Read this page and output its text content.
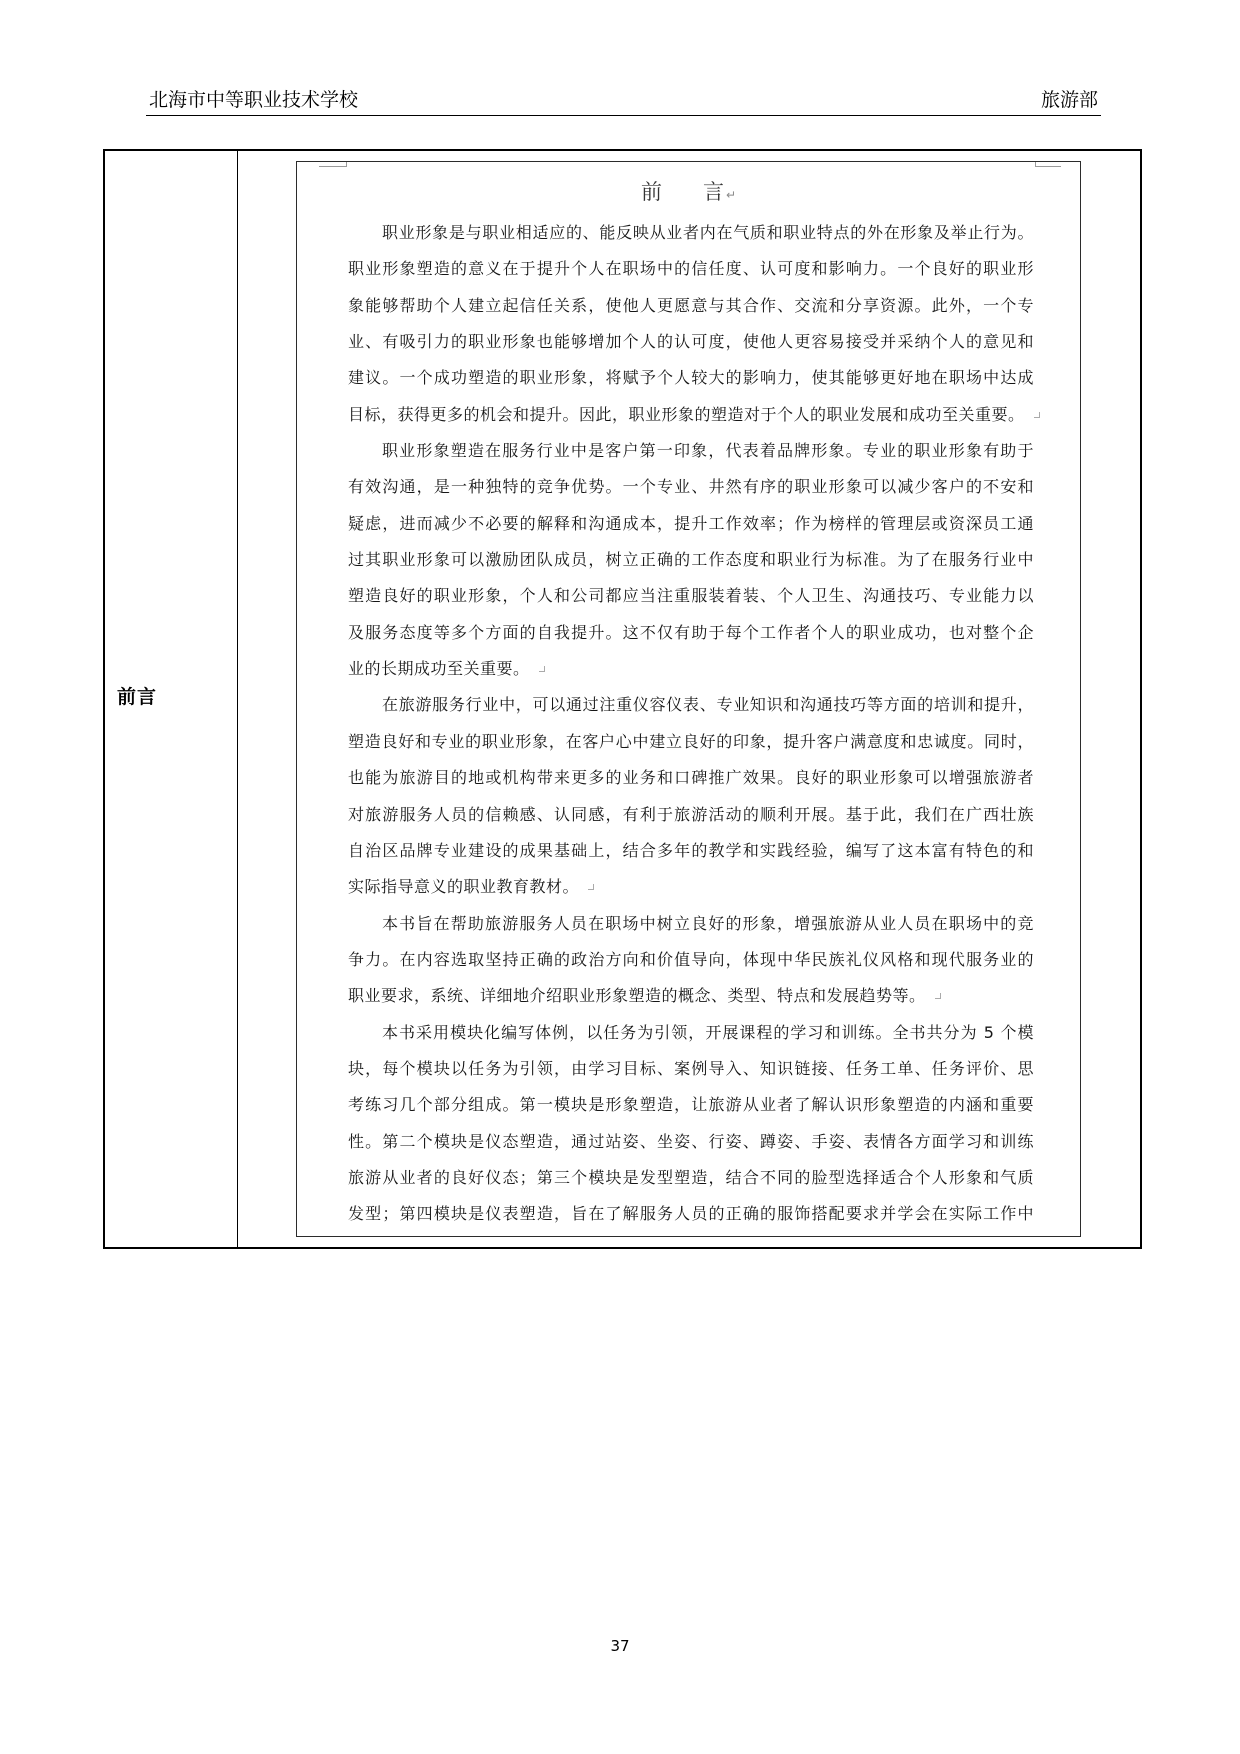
北海市中等职业技术学校	旅游部
前言
前　言↵
职业形象是与职业相适应的、能反映从业者内在气质和职业特点的外在形象及举止行为。
职业形象塑造的意义在于提升个人在职场中的信任度、认可度和影响力。一个良好的职业形
象能够帮助个人建立起信任关系，使他人更愿意与其合作、交流和分享资源。此外，一个专
业、有吸引力的职业形象也能够增加个人的认可度，使他人更容易接受并采纳个人的意见和
建议。一个成功塑造的职业形象，将赋予个人较大的影响力，使其能够更好地在职场中达成
目标，获得更多的机会和提升。因此，职业形象的塑造对于个人的职业发展和成功至关重要。
职业形象塑造在服务行业中是客户第一印象，代表着品牌形象。专业的职业形象有助于
有效沟通，是一种独特的竞争优势。一个专业、井然有序的职业形象可以减少客户的不安和
疑虑，进而减少不必要的解释和沟通成本，提升工作效率；作为榜样的管理层或资深员工通
过其职业形象可以激励团队成员，树立正确的工作态度和职业行为标准。为了在服务行业中
塑造良好的职业形象，个人和公司都应当注重服装着装、个人卫生、沟通技巧、专业能力以
及服务态度等多个方面的自我提升。这不仅有助于每个工作者个人的职业成功，也对整个企
业的长期成功至关重要。
在旅游服务行业中，可以通过注重仪容仪表、专业知识和沟通技巧等方面的培训和提升，
塑造良好和专业的职业形象，在客户心中建立良好的印象，提升客户满意度和忠诚度。同时，
也能为旅游目的地或机构带来更多的业务和口碑推广效果。良好的职业形象可以增强旅游者
对旅游服务人员的信赖感、认同感，有利于旅游活动的顺利开展。基于此，我们在广西壮族
自治区品牌专业建设的成果基础上，结合多年的教学和实践经验，编写了这本富有特色的和
实际指导意义的职业教育教材。
本书旨在帮助旅游服务人员在职场中树立良好的形象，增强旅游从业人员在职场中的竞
争力。在内容选取坚持正确的政治方向和价值导向，体现中华民族礼仪风格和现代服务业的
职业要求，系统、详细地介绍职业形象塑造的概念、类型、特点和发展趋势等。
本书采用模块化编写体例，以任务为引领，开展课程的学习和训练。全书共分为 5 个模
块，每个模块以任务为引领，由学习目标、案例导入、知识链接、任务工单、任务评价、思
考练习几个部分组成。第一模块是形象塑造，让旅游从业者了解认识形象塑造的内涵和重要
性。第二个模块是仪态塑造，通过站姿、坐姿、行姿、蹲姿、手姿、表情各方面学习和训练
旅游从业者的良好仪态；第三个模块是发型塑造，结合不同的脸型选择适合个人形象和气质
发型；第四模块是仪表塑造，旨在了解服务人员的正确的服饰搭配要求并学会在实际工作中
37
